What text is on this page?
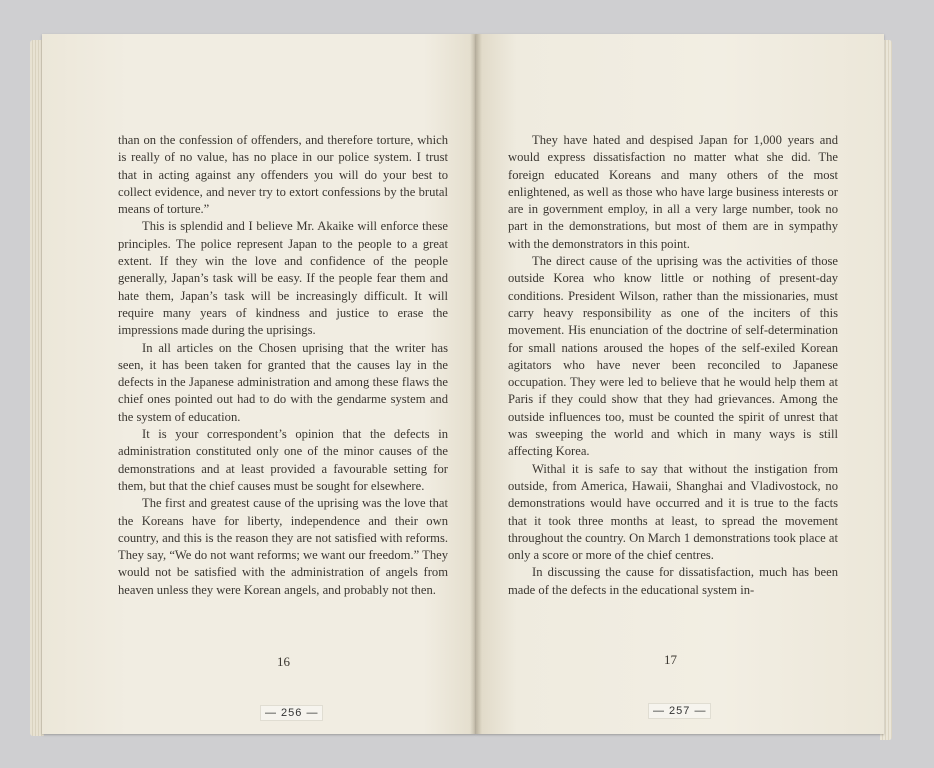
than on the confession of offenders, and therefore torture, which is really of no value, has no place in our police system. I trust that in acting against any offenders you will do your best to collect evidence, and never try to extort confessions by the brutal means of torture.”

This is splendid and I believe Mr. Akaike will enforce these principles. The police represent Japan to the people to a great extent. If they win the love and confidence of the people generally, Japan’s task will be easy. If the people fear them and hate them, Japan’s task will be increasingly difficult. It will require many years of kindness and justice to erase the impressions made during the uprisings.

In all articles on the Chosen uprising that the writer has seen, it has been taken for granted that the causes lay in the defects in the Japanese administration and among these flaws the chief ones pointed out had to do with the gendarme system and the system of education.

It is your correspondent’s opinion that the defects in administration constituted only one of the minor causes of the demonstrations and at least provided a favourable setting for them, but that the chief causes must be sought for elsewhere.

The first and greatest cause of the uprising was the love that the Koreans have for liberty, independence and their own country, and this is the reason they are not satisfied with reforms. They say, “We do not want reforms; we want our freedom.” They would not be satisfied with the administration of angels from heaven unless they were Korean angels, and probably not then.

They have hated and despised Japan for 1,000 years and would express dissatisfaction no matter what she did. The foreign educated Koreans and many others of the most enlightened, as well as those who have large business interests or are in government employ, in all a very large number, took no part in the demonstrations, but most of them are in sympathy with the demonstrators in this point.

The direct cause of the uprising was the activities of those outside Korea who know little or nothing of present-day conditions. President Wilson, rather than the missionaries, must carry heavy responsibility as one of the inciters of this movement. His enunciation of the doctrine of self-determination for small nations aroused the hopes of the self-exiled Korean agitators who have never been reconciled to Japanese occupation. They were led to believe that he would help them at Paris if they could show that they had grievances. Among the outside influences too, must be counted the spirit of unrest that was sweeping the world and which in many ways is still affecting Korea.

Withal it is safe to say that without the instigation from outside, from America, Hawaii, Shanghai and Vladivostock, no demonstrations would have occurred and it is true to the facts that it took three months at least, to spread the movement throughout the country. On March 1 demonstrations took place at only a score or more of the chief centres.

In discussing the cause for dissatisfaction, much has been made of the defects in the educational system in-

16	17
— 256 —	— 257 —
